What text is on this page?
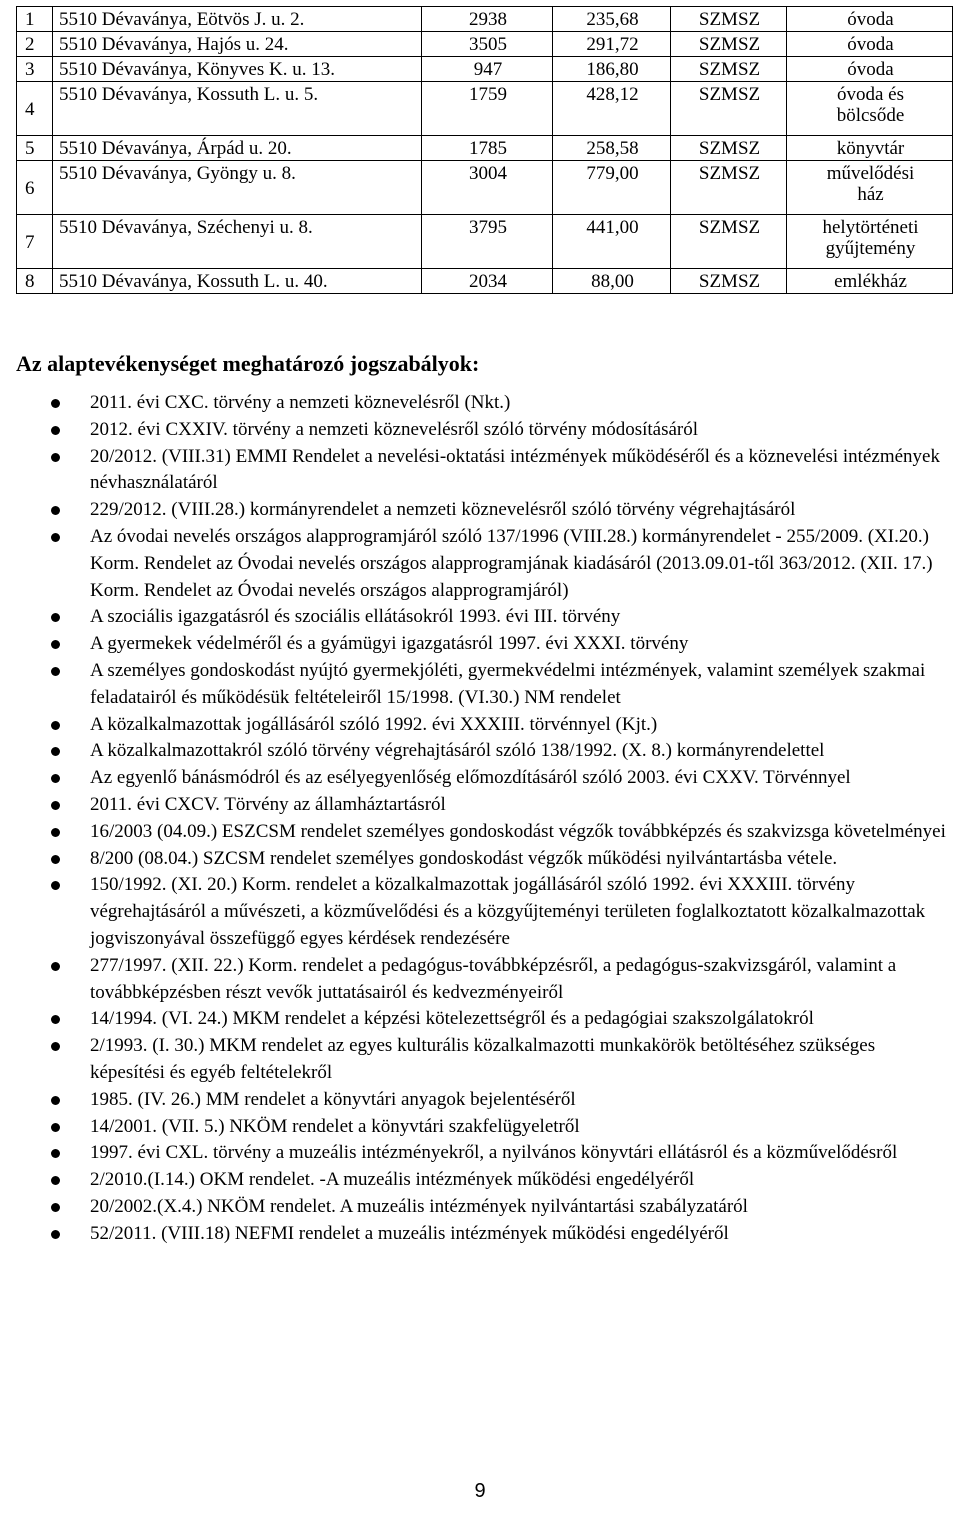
1	5510 Dévaványa, Eötvös J. u. 2.	2938	235,68	SZMSZ	óvoda
2	5510 Dévaványa, Hajós u. 24.	3505	291,72	SZMSZ	óvoda
3	5510 Dévaványa, Könyves K. u. 13.	947	186,80	SZMSZ	óvoda
4	5510 Dévaványa, Kossuth L. u. 5.	1759	428,12	SZMSZ	óvoda és
bölcsőde

5	5510 Dévaványa, Árpád u. 20.	1785	258,58	SZMSZ	könyvtár
6	5510 Dévaványa, Gyöngy u. 8.	3004	779,00	SZMSZ	művelődési
ház

7	5510 Dévaványa, Széchenyi u. 8.	3795	441,00	SZMSZ	helytörténeti
gyűjtemény

8	5510 Dévaványa, Kossuth L. u. 40.	2034	88,00	SZMSZ	emlékház
Az alaptevékenységet meghatározó jogszabályok:
2011. évi CXC. törvény a nemzeti köznevelésről (Nkt.)
2012. évi CXXIV. törvény a nemzeti köznevelésről szóló törvény módosításáról
20/2012. (VIII.31) EMMI Rendelet a nevelési-oktatási intézmények működéséről és a köznevelési intézmények névhasználatáról
229/2012. (VIII.28.) kormányrendelet a nemzeti köznevelésről szóló törvény végrehajtásáról
Az óvodai nevelés országos alapprogramjáról szóló 137/1996 (VIII.28.) kormányrendelet - 255/2009. (XI.20.) Korm. Rendelet az Óvodai nevelés országos alapprogramjának kiadásáról (2013.09.01-től 363/2012. (XII. 17.) Korm. Rendelet az Óvodai nevelés országos alapprogramjáról)
A szociális igazgatásról és szociális ellátásokról 1993. évi III. törvény
A gyermekek védelméről és a gyámügyi igazgatásról 1997. évi XXXI. törvény
A személyes gondoskodást nyújtó gyermekjóléti, gyermekvédelmi intézmények, valamint személyek szakmai feladatairól és működésük feltételeiről 15/1998. (VI.30.) NM rendelet
A közalkalmazottak jogállásáról szóló 1992. évi XXXIII. törvénnyel (Kjt.)
A közalkalmazottakról szóló törvény végrehajtásáról szóló 138/1992. (X. 8.) kormányrendelettel
Az egyenlő bánásmódról és az esélyegyenlőség előmozdításáról szóló 2003. évi CXXV. Törvénnyel
2011. évi CXCV. Törvény az államháztartásról
16/2003 (04.09.) ESZCSM rendelet személyes gondoskodást végzők továbbképzés és szakvizsga követelményei
8/200 (08.04.) SZCSM rendelet személyes gondoskodást végzők működési nyilvántartásba vétele.
150/1992. (XI. 20.) Korm. rendelet a közalkalmazottak jogállásáról szóló 1992. évi XXXIII. törvény végrehajtásáról a művészeti, a közművelődési és a közgyűjteményi területen foglalkoztatott közalkalmazottak jogviszonyával összefüggő egyes kérdések rendezésére
277/1997. (XII. 22.) Korm. rendelet a pedagógus-továbbképzésről, a pedagógus-szakvizsgáról, valamint a továbbképzésben részt vevők juttatásairól és kedvezményeiről
14/1994. (VI. 24.) MKM rendelet a képzési kötelezettségről és a pedagógiai szakszolgálatokról
2/1993. (I. 30.) MKM rendelet az egyes kulturális közalkalmazotti munkakörök betöltéséhez szükséges képesítési és egyéb feltételekről
1985. (IV. 26.) MM rendelet a könyvtári anyagok bejelentéséről
14/2001. (VII. 5.) NKÖM rendelet a könyvtári szakfelügyeletről
1997. évi CXL. törvény a muzeális intézményekről, a nyilvános könyvtári ellátásról és a közművelődésről
2/2010.(I.14.) OKM rendelet. -A muzeális intézmények működési engedélyéről
20/2002.(X.4.) NKÖM rendelet. A muzeális intézmények nyilvántartási szabályzatáról
52/2011. (VIII.18) NEFMI rendelet a muzeális intézmények működési engedélyéről
9
